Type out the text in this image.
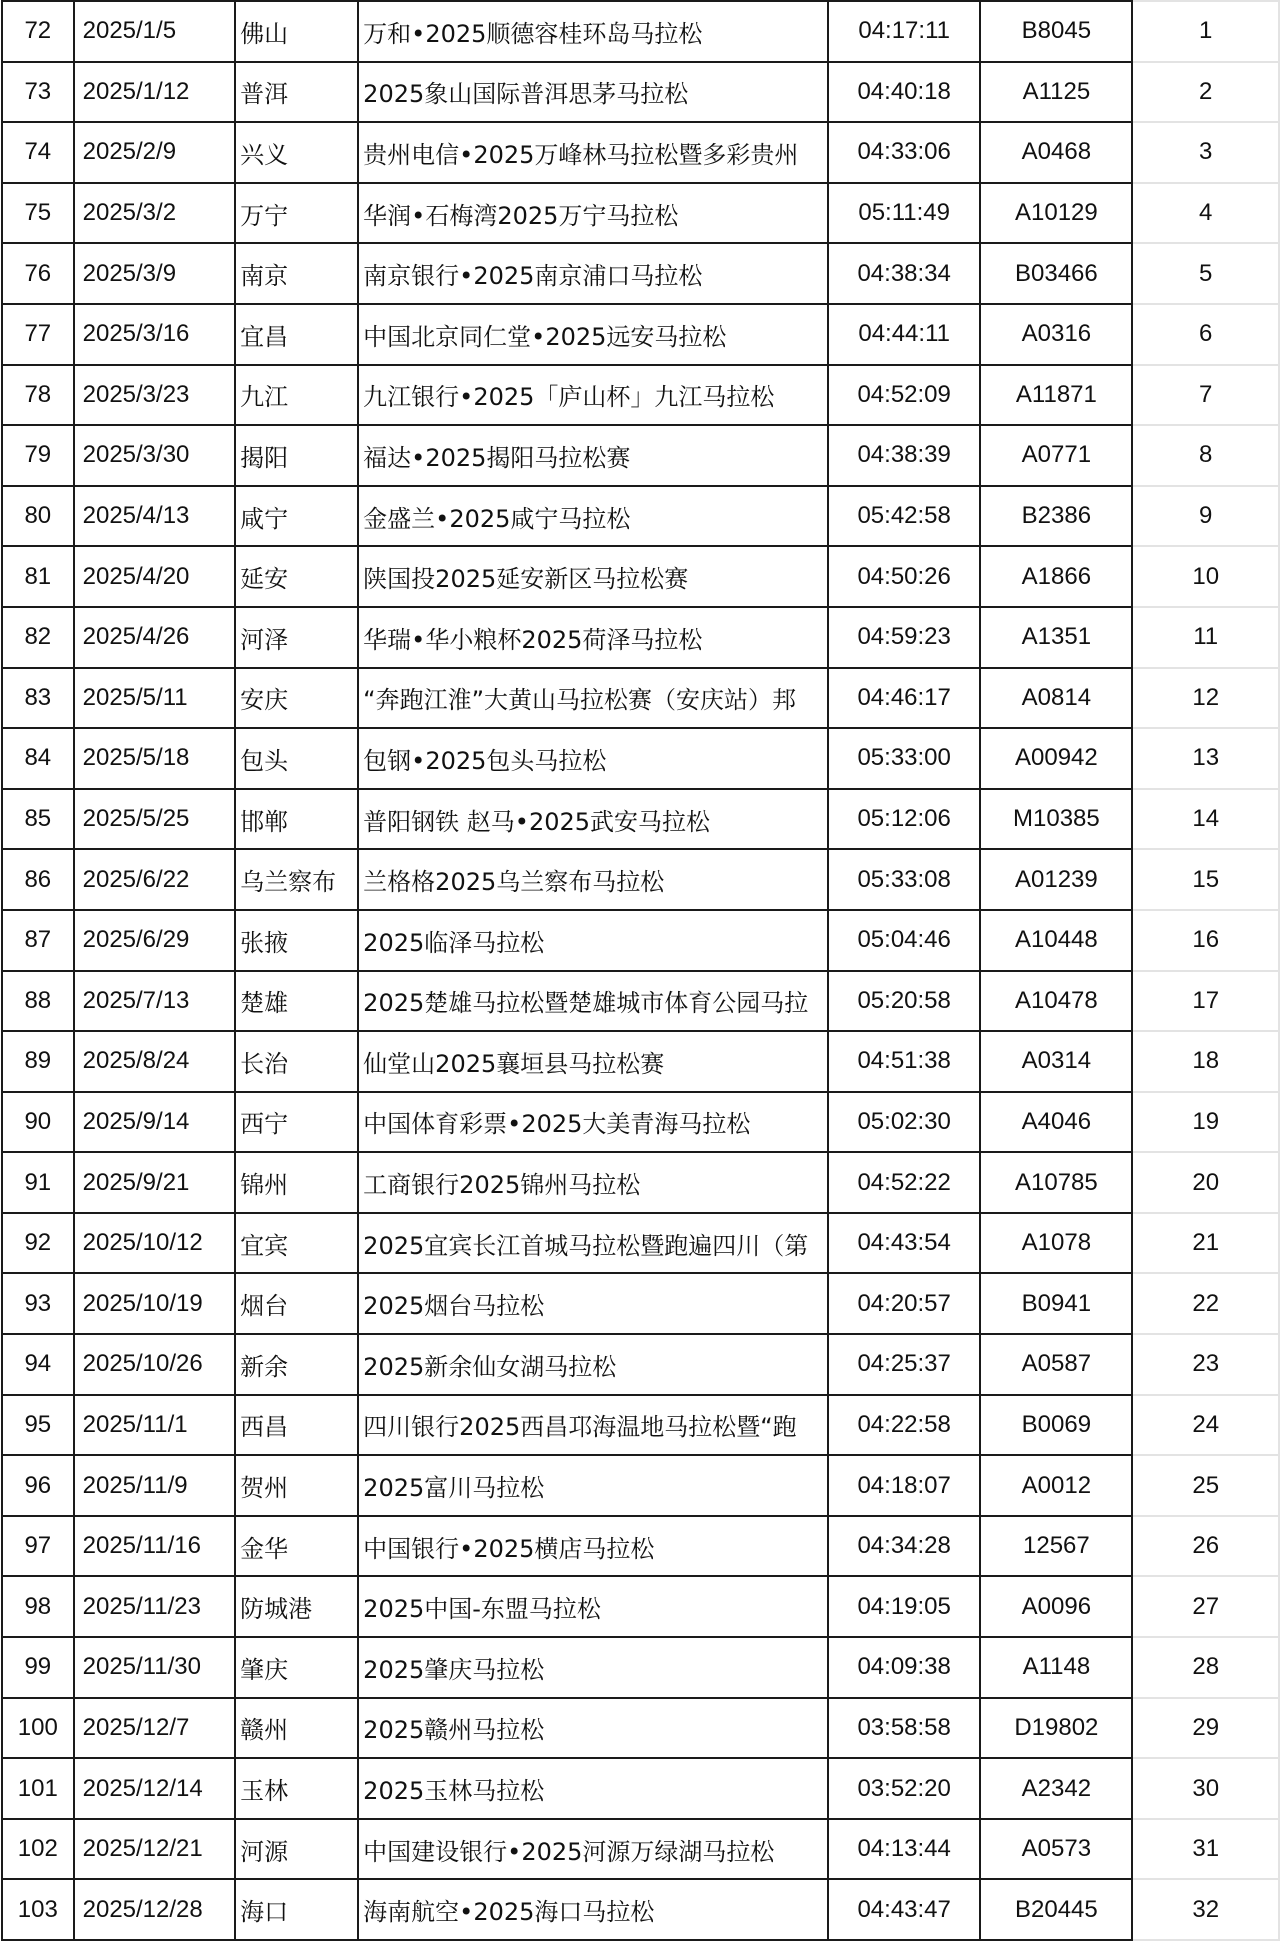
72	2025/1/5	佛山	万和•2025顺德容桂环岛马拉松	04:17:11	B8045	1
73	2025/1/12	普洱	2025象山国际普洱思茅马拉松	04:40:18	A1125	2
74	2025/2/9	兴义	贵州电信•2025万峰林马拉松暨多彩贵州	04:33:06	A0468	3
75	2025/3/2	万宁	华润•石梅湾2025万宁马拉松	05:11:49	A10129	4
76	2025/3/9	南京	南京银行•2025南京浦口马拉松	04:38:34	B03466	5
77	2025/3/16	宜昌	中国北京同仁堂•2025远安马拉松	04:44:11	A0316	6
78	2025/3/23	九江	九江银行•2025「庐山杯」九江马拉松	04:52:09	A11871	7
79	2025/3/30	揭阳	福达•2025揭阳马拉松赛	04:38:39	A0771	8
80	2025/4/13	咸宁	金盛兰•2025咸宁马拉松	05:42:58	B2386	9
81	2025/4/20	延安	陕国投2025延安新区马拉松赛	04:50:26	A1866	10
82	2025/4/26	河泽	华瑞•华小粮杯2025荷泽马拉松	04:59:23	A1351	11
83	2025/5/11	安庆	“奔跑江淮”大黄山马拉松赛（安庆站）邦	04:46:17	A0814	12
84	2025/5/18	包头	包钢•2025包头马拉松	05:33:00	A00942	13
85	2025/5/25	邯郸	普阳钢铁 赵马•2025武安马拉松	05:12:06	M10385	14
86	2025/6/22	乌兰察布	兰格格2025乌兰察布马拉松	05:33:08	A01239	15
87	2025/6/29	张掖	2025临泽马拉松	05:04:46	A10448	16
88	2025/7/13	楚雄	2025楚雄马拉松暨楚雄城市体育公园马拉	05:20:58	A10478	17
89	2025/8/24	长治	仙堂山2025襄垣县马拉松赛	04:51:38	A0314	18
90	2025/9/14	西宁	中国体育彩票•2025大美青海马拉松	05:02:30	A4046	19
91	2025/9/21	锦州	工商银行2025锦州马拉松	04:52:22	A10785	20
92	2025/10/12	宜宾	2025宜宾长江首城马拉松暨跑遍四川（第	04:43:54	A1078	21
93	2025/10/19	烟台	2025烟台马拉松	04:20:57	B0941	22
94	2025/10/26	新余	2025新余仙女湖马拉松	04:25:37	A0587	23
95	2025/11/1	西昌	四川银行2025西昌邛海温地马拉松暨“跑	04:22:58	B0069	24
96	2025/11/9	贺州	2025富川马拉松	04:18:07	A0012	25
97	2025/11/16	金华	中国银行•2025横店马拉松	04:34:28	12567	26
98	2025/11/23	防城港	2025中国-东盟马拉松	04:19:05	A0096	27
99	2025/11/30	肇庆	2025肇庆马拉松	04:09:38	A1148	28
100	2025/12/7	赣州	2025赣州马拉松	03:58:58	D19802	29
101	2025/12/14	玉林	2025玉林马拉松	03:52:20	A2342	30
102	2025/12/21	河源	中国建设银行•2025河源万绿湖马拉松	04:13:44	A0573	31
103	2025/12/28	海口	海南航空•2025海口马拉松	04:43:47	B20445	32
